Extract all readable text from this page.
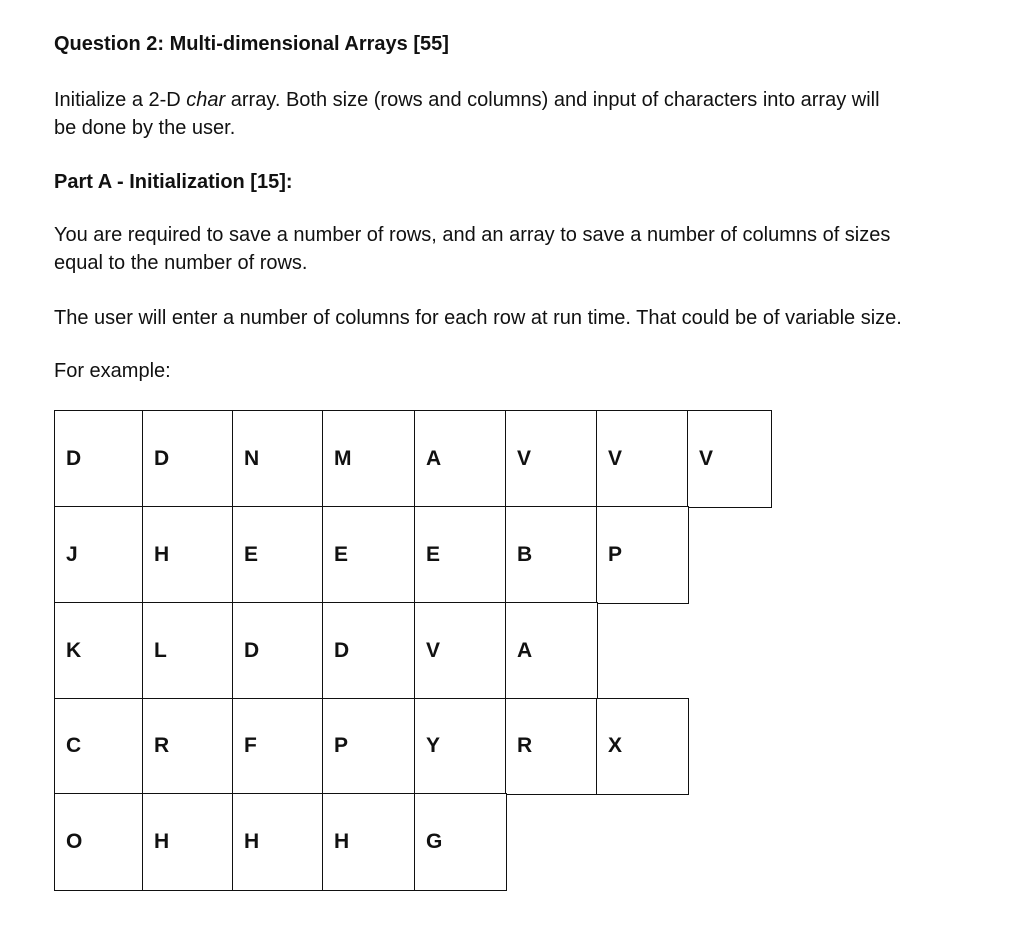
Question 2: Multi-dimensional Arrays [55]

Initialize a 2-D char array. Both size (rows and columns) and input of characters into array will

be done by the user.

Part A - Initialization [15]:

You are required to save a number of rows, and an array to save a number of columns of sizes

equal to the number of rows.

The user will enter a number of columns for each row at run time. That could be of variable size.

For example:

D	D	N	M	A	V	V	V
J	H	E	E	E	B	P
K	L	D	D	V	A
C	R	F	P	Y	R	X
O	H	H	H	G
